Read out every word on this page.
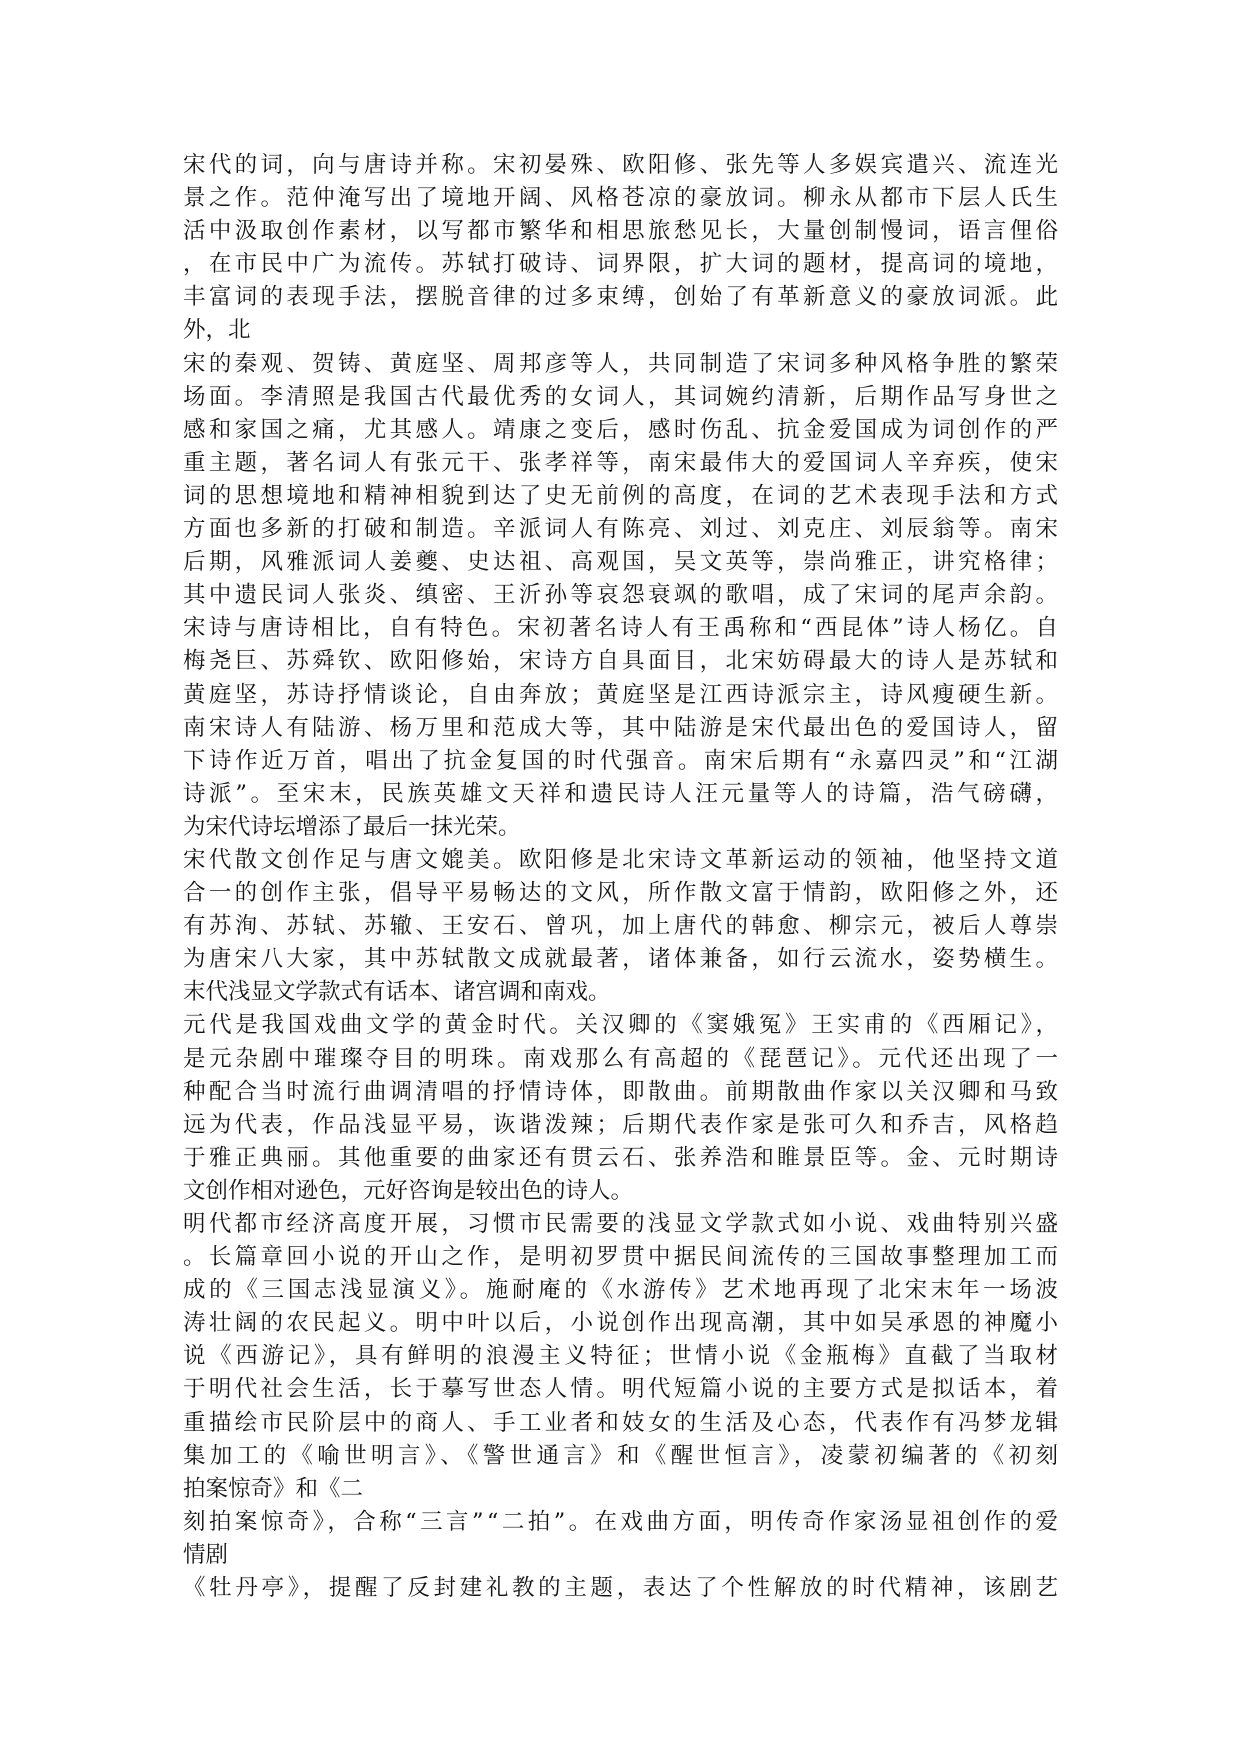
宋代的词，向与唐诗并称。宋初晏殊、欧阳修、张先等人多娱宾遣兴、流连光
景之作。范仲淹写出了境地开阔、风格苍凉的豪放词。柳永从都市下层人氏生
活中汲取创作素材，以写都市繁华和相思旅愁见长，大量创制慢词，语言俚俗
，在市民中广为流传。苏轼打破诗、词界限，扩大词的题材，提高词的境地，
丰富词的表现手法，摆脱音律的过多束缚，创始了有革新意义的豪放词派。此
外，北
宋的秦观、贺铸、黄庭坚、周邦彦等人，共同制造了宋词多种风格争胜的繁荣
场面。李清照是我国古代最优秀的女词人，其词婉约清新，后期作品写身世之
感和家国之痛，尤其感人。靖康之变后，感时伤乱、抗金爱国成为词创作的严
重主题，著名词人有张元干、张孝祥等，南宋最伟大的爱国词人辛弃疾，使宋
词的思想境地和精神相貌到达了史无前例的高度，在词的艺术表现手法和方式
方面也多新的打破和制造。辛派词人有陈亮、刘过、刘克庄、刘辰翁等。南宋
后期，风雅派词人姜夔、史达祖、高观国，吴文英等，崇尚雅正，讲究格律；
其中遗民词人张炎、缜密、王沂孙等哀怨衰飒的歌唱，成了宋词的尾声余韵。
宋诗与唐诗相比，自有特色。宋初著名诗人有王禹称和“西昆体”诗人杨亿。自
梅尧巨、苏舜钦、欧阳修始，宋诗方自具面目，北宋妨碍最大的诗人是苏轼和
黄庭坚，苏诗抒情谈论，自由奔放；黄庭坚是江西诗派宗主，诗风瘦硬生新。
南宋诗人有陆游、杨万里和范成大等，其中陆游是宋代最出色的爱国诗人，留
下诗作近万首，唱出了抗金复国的时代强音。南宋后期有“永嘉四灵”和“江湖
诗派”。至宋末，民族英雄文天祥和遗民诗人汪元量等人的诗篇，浩气磅礴，
为宋代诗坛增添了最后一抹光荣。
宋代散文创作足与唐文媲美。欧阳修是北宋诗文革新运动的领袖，他坚持文道
合一的创作主张，倡导平易畅达的文风，所作散文富于情韵，欧阳修之外，还
有苏洵、苏轼、苏辙、王安石、曾巩，加上唐代的韩愈、柳宗元，被后人尊崇
为唐宋八大家，其中苏轼散文成就最著，诸体兼备，如行云流水，姿势横生。
末代浅显文学款式有话本、诸宫调和南戏。
元代是我国戏曲文学的黄金时代。关汉卿的《窦娥冤》王实甫的《西厢记》，
是元杂剧中璀璨夺目的明珠。南戏那么有高超的《琵琶记》。元代还出现了一
种配合当时流行曲调清唱的抒情诗体，即散曲。前期散曲作家以关汉卿和马致
远为代表，作品浅显平易，诙谐泼辣；后期代表作家是张可久和乔吉，风格趋
于雅正典丽。其他重要的曲家还有贯云石、张养浩和睢景臣等。金、元时期诗
文创作相对逊色，元好咨询是较出色的诗人。
明代都市经济高度开展，习惯市民需要的浅显文学款式如小说、戏曲特别兴盛
。长篇章回小说的开山之作，是明初罗贯中据民间流传的三国故事整理加工而
成的《三国志浅显演义》。施耐庵的《水游传》艺术地再现了北宋末年一场波
涛壮阔的农民起义。明中叶以后，小说创作出现高潮，其中如吴承恩的神魔小
说《西游记》，具有鲜明的浪漫主义特征；世情小说《金瓶梅》直截了当取材
于明代社会生活，长于摹写世态人情。明代短篇小说的主要方式是拟话本，着
重描绘市民阶层中的商人、手工业者和妓女的生活及心态，代表作有冯梦龙辑
集加工的《喻世明言》、《警世通言》和《醒世恒言》，凌蒙初编著的《初刻
拍案惊奇》和《二
刻拍案惊奇》，合称“三言”“二拍”。在戏曲方面，明传奇作家汤显祖创作的爱
情剧
《牡丹亭》，提醒了反封建礼教的主题，表达了个性解放的时代精神，该剧艺
